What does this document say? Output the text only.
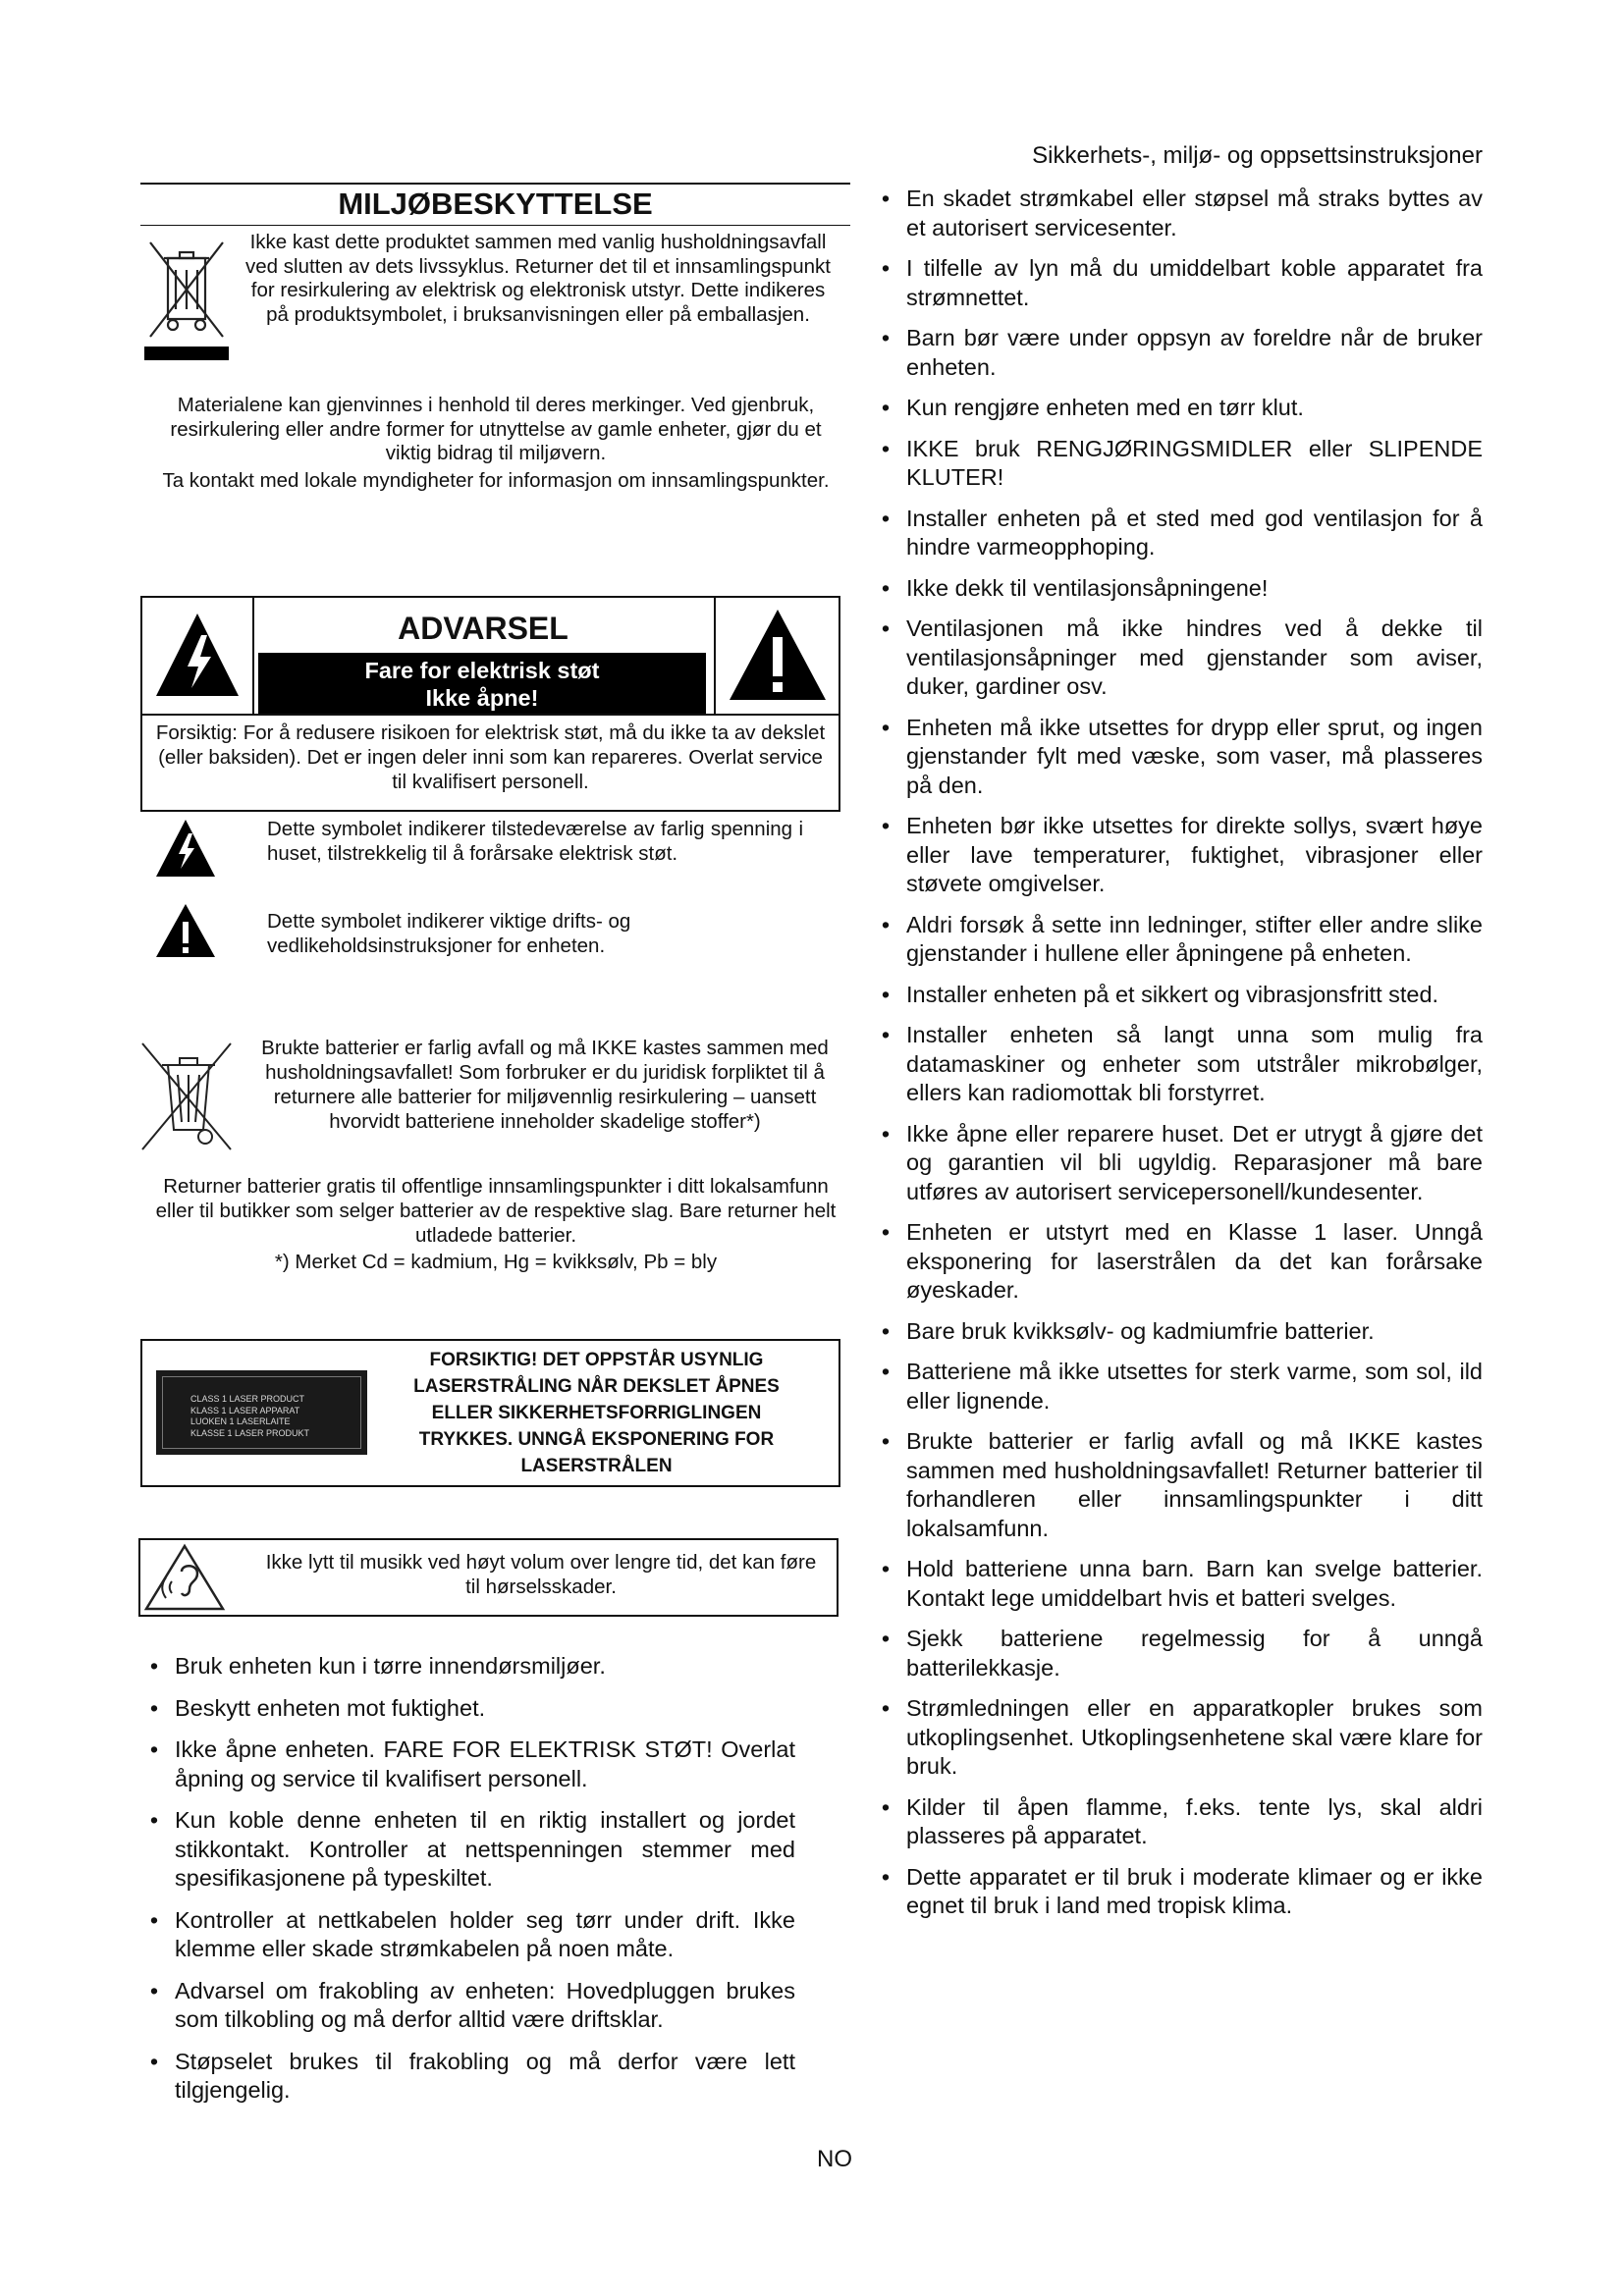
Sikkerhets-, miljø- og oppsettsinstruksjoner
MILJØBESKYTTELSE
Ikke kast dette produktet sammen med vanlig husholdningsavfall ved slutten av dets livssyklus. Returner det til et innsamlingspunkt for resirkulering av elektrisk og elektronisk utstyr. Dette indikeres på produktsymbolet, i bruksanvisningen eller på emballasjen.
Materialene kan gjenvinnes i henhold til deres merkinger. Ved gjenbruk, resirkulering eller andre former for utnyttelse av gamle enheter, gjør du et viktig bidrag til miljøvern.
Ta kontakt med lokale myndigheter for informasjon om innsamlingspunkter.
ADVARSEL
Fare for elektrisk støt
Ikke åpne!
Forsiktig: For å redusere risikoen for elektrisk støt, må du ikke ta av dekslet (eller baksiden). Det er ingen deler inni som kan repareres. Overlat service til kvalifisert personell.
Dette symbolet indikerer tilstedeværelse av farlig spenning i huset, tilstrekkelig til å forårsake elektrisk støt.
Dette symbolet indikerer viktige drifts- og vedlikeholdsinstruksjoner for enheten.
Brukte batterier er farlig avfall og må IKKE kastes sammen med husholdningsavfallet! Som forbruker er du juridisk forpliktet til å returnere alle batterier for miljøvennlig resirkulering – uansett hvorvidt batteriene inneholder skadelige stoffer*)
Returner batterier gratis til offentlige innsamlingspunkter i ditt lokalsamfunn eller til butikker som selger batterier av de respektive slag. Bare returner helt utladede batterier.
*) Merket Cd = kadmium, Hg = kvikksølv, Pb = bly
CLASS 1 LASER PRODUCT
KLASS 1 LASER APPARAT
LUOKEN 1 LASERLAITE
KLASSE 1 LASER PRODUKT
FORSIKTIG! DET OPPSTÅR USYNLIG LASERSTRÅLING NÅR DEKSLET ÅPNES ELLER SIKKERHETSFORRIGLINGEN TRYKKES. UNNGÅ EKSPONERING FOR LASERSTRÅLEN
Ikke lytt til musikk ved høyt volum over lengre tid, det kan føre til hørselsskader.
• Bruk enheten kun i tørre innendørsmiljøer.
• Beskytt enheten mot fuktighet.
• Ikke åpne enheten. FARE FOR ELEKTRISK STØT! Overlat åpning og service til kvalifisert personell.
• Kun koble denne enheten til en riktig installert og jordet stikkontakt. Kontroller at nettspenningen stemmer med spesifikasjonene på typeskiltet.
• Kontroller at nettkabelen holder seg tørr under drift. Ikke klemme eller skade strømkabelen på noen måte.
• Advarsel om frakobling av enheten: Hovedpluggen brukes som tilkobling og må derfor alltid være driftsklar.
• Støpselet brukes til frakobling og må derfor være lett tilgjengelig.
• En skadet strømkabel eller støpsel må straks byttes av et autorisert servicesenter.
• I tilfelle av lyn må du umiddelbart koble apparatet fra strømnettet.
• Barn bør være under oppsyn av foreldre når de bruker enheten.
• Kun rengjøre enheten med en tørr klut.
• IKKE bruk RENGJØRINGSMIDLER eller SLIPENDE KLUTER!
• Installer enheten på et sted med god ventilasjon for å hindre varmeopphoping.
• Ikke dekk til ventilasjonsåpningene!
• Ventilasjonen må ikke hindres ved å dekke til ventilasjonsåpninger med gjenstander som aviser, duker, gardiner osv.
• Enheten må ikke utsettes for drypp eller sprut, og ingen gjenstander fylt med væske, som vaser, må plasseres på den.
• Enheten bør ikke utsettes for direkte sollys, svært høye eller lave temperaturer, fuktighet, vibrasjoner eller støvete omgivelser.
• Aldri forsøk å sette inn ledninger, stifter eller andre slike gjenstander i hullene eller åpningene på enheten.
• Installer enheten på et sikkert og vibrasjonsfritt sted.
• Installer enheten så langt unna som mulig fra datamaskiner og enheter som utstråler mikrobølger, ellers kan radiomottak bli forstyrret.
• Ikke åpne eller reparere huset. Det er utrygt å gjøre det og garantien vil bli ugyldig. Reparasjoner må bare utføres av autorisert servicepersonell/kundesenter.
• Enheten er utstyrt med en Klasse 1 laser. Unngå eksponering for laserstrålen da det kan forårsake øyeskader.
• Bare bruk kvikksølv- og kadmiumfrie batterier.
• Batteriene må ikke utsettes for sterk varme, som sol, ild eller lignende.
• Brukte batterier er farlig avfall og må IKKE kastes sammen med husholdningsavfallet! Returner batterier til forhandleren eller innsamlingspunkter i ditt lokalsamfunn.
• Hold batteriene unna barn. Barn kan svelge batterier. Kontakt lege umiddelbart hvis et batteri svelges.
• Sjekk batteriene regelmessig for å unngå batterilekkasje.
• Strømledningen eller en apparatkopler brukes som utkoplingsenhet. Utkoplingsenhetene skal være klare for bruk.
• Kilder til åpen flamme, f.eks. tente lys, skal aldri plasseres på apparatet.
• Dette apparatet er til bruk i moderate klimaer og er ikke egnet til bruk i land med tropisk klima.
NO
